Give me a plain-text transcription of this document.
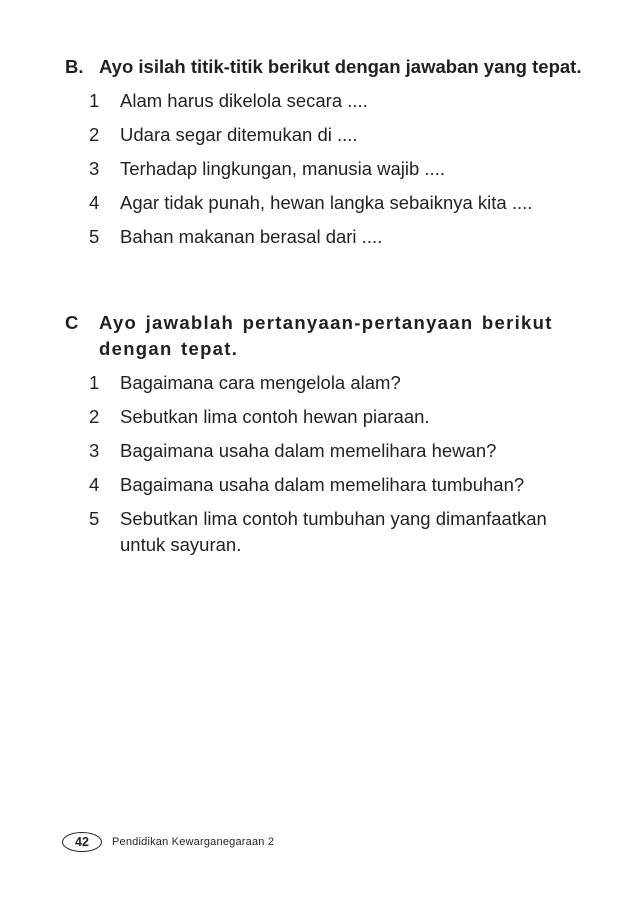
B. Ayo isilah titik-titik berikut dengan jawaban yang tepat.
1 Alam harus dikelola secara ....
2 Udara segar ditemukan di ....
3 Terhadap lingkungan, manusia wajib ....
4 Agar tidak punah, hewan langka sebaiknya kita ....
5 Bahan makanan berasal dari ....
C Ayo jawablah pertanyaan-pertanyaan berikut dengan tepat.
1 Bagaimana cara mengelola alam?
2 Sebutkan lima contoh hewan piaraan.
3 Bagaimana usaha dalam memelihara hewan?
4 Bagaimana usaha dalam memelihara tumbuhan?
5 Sebutkan lima contoh tumbuhan yang dimanfaatkan untuk sayuran.
42 Pendidikan Kewarganegaraan 2
